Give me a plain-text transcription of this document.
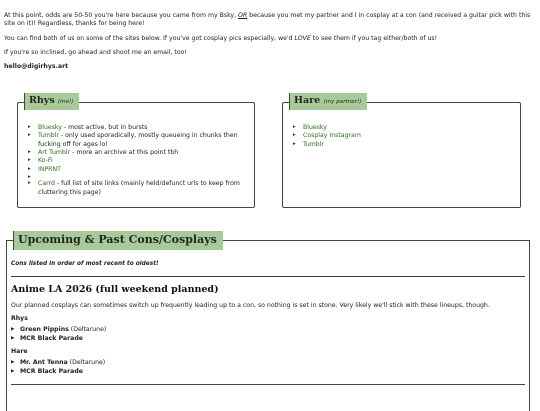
At this point, odds are 50-50 you're here because you came from my Bsky, OR because you met my partner and I in cosplay at a con (and received a guitar pick with this site on it)! Regardless, thanks for being here!

You can find both of us on some of the sites below. If you've got cosplay pics especially, we'd LOVE to see them if you tag either/both of us!

If you're so inclined, go ahead and shoot me an email, too!

hello@digirhys.art

Rhys (me!)
▸ Bluesky - most active, but in bursts
▸ Tumblr - only used sporadically, mostly queueing in chunks then fucking off for ages lol
▸ Art Tumblr - more an archive at this point tbh
▸ Ko-Fi
▸ INPRNT
▸
▸ Carrd - full list of site links (mainly held/defunct urls to keep from cluttering this page)
Hare (my partner!)
▸ Bluesky
▸ Cosplay Instagram
▸ Tumblr
Upcoming & Past Cons/Cosplays

Cons listed in order of most recent to oldest!

Anime LA 2026 (full weekend planned)

Our planned cosplays can sometimes switch up frequently leading up to a con, so nothing is set in stone. Very likely we'll stick with these lineups, though.

Rhys
▶ Green Pippins (Deltarune)
▶ MCR Black Parade
Hare
▶ Mr. Ant Tenna (Deltarune)
▶ MCR Black Parade
